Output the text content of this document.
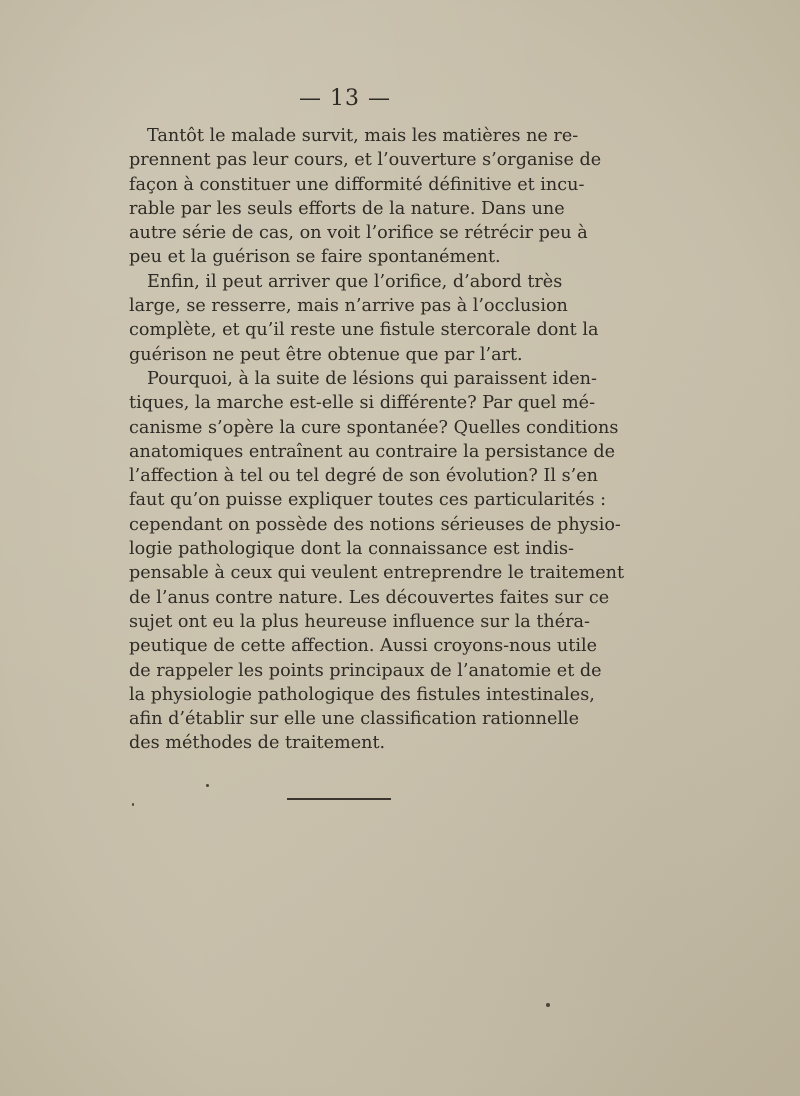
— 13 —
Tantôt le malade survit, mais les matières ne re-
prennent pas leur cours, et l’ouverture s’organise de
façon à constituer une difformité définitive et incu-
rable par les seuls efforts de la nature. Dans une
autre série de cas, on voit l’orifice se rétrécir peu à
peu et la guérison se faire spontanément.
Enfin, il peut arriver que l’orifice, d’abord très
large, se resserre, mais n’arrive pas à l’occlusion
complète, et qu’il reste une fistule stercorale dont la
guérison ne peut être obtenue que par l’art.
Pourquoi, à la suite de lésions qui paraissent iden-
tiques, la marche est-elle si différente? Par quel mé-
canisme s’opère la cure spontanée? Quelles conditions
anatomiques entraînent au contraire la persistance de
l’affection à tel ou tel degré de son évolution? Il s’en
faut qu’on puisse expliquer toutes ces particularités :
cependant on possède des notions sérieuses de physio-
logie pathologique dont la connaissance est indis-
pensable à ceux qui veulent entreprendre le traitement
de l’anus contre nature. Les découvertes faites sur ce
sujet ont eu la plus heureuse influence sur la théra-
peutique de cette affection. Aussi croyons-nous utile
de rappeler les points principaux de l’anatomie et de
la physiologie pathologique des fistules intestinales,
afin d’établir sur elle une classification rationnelle
des méthodes de traitement.
